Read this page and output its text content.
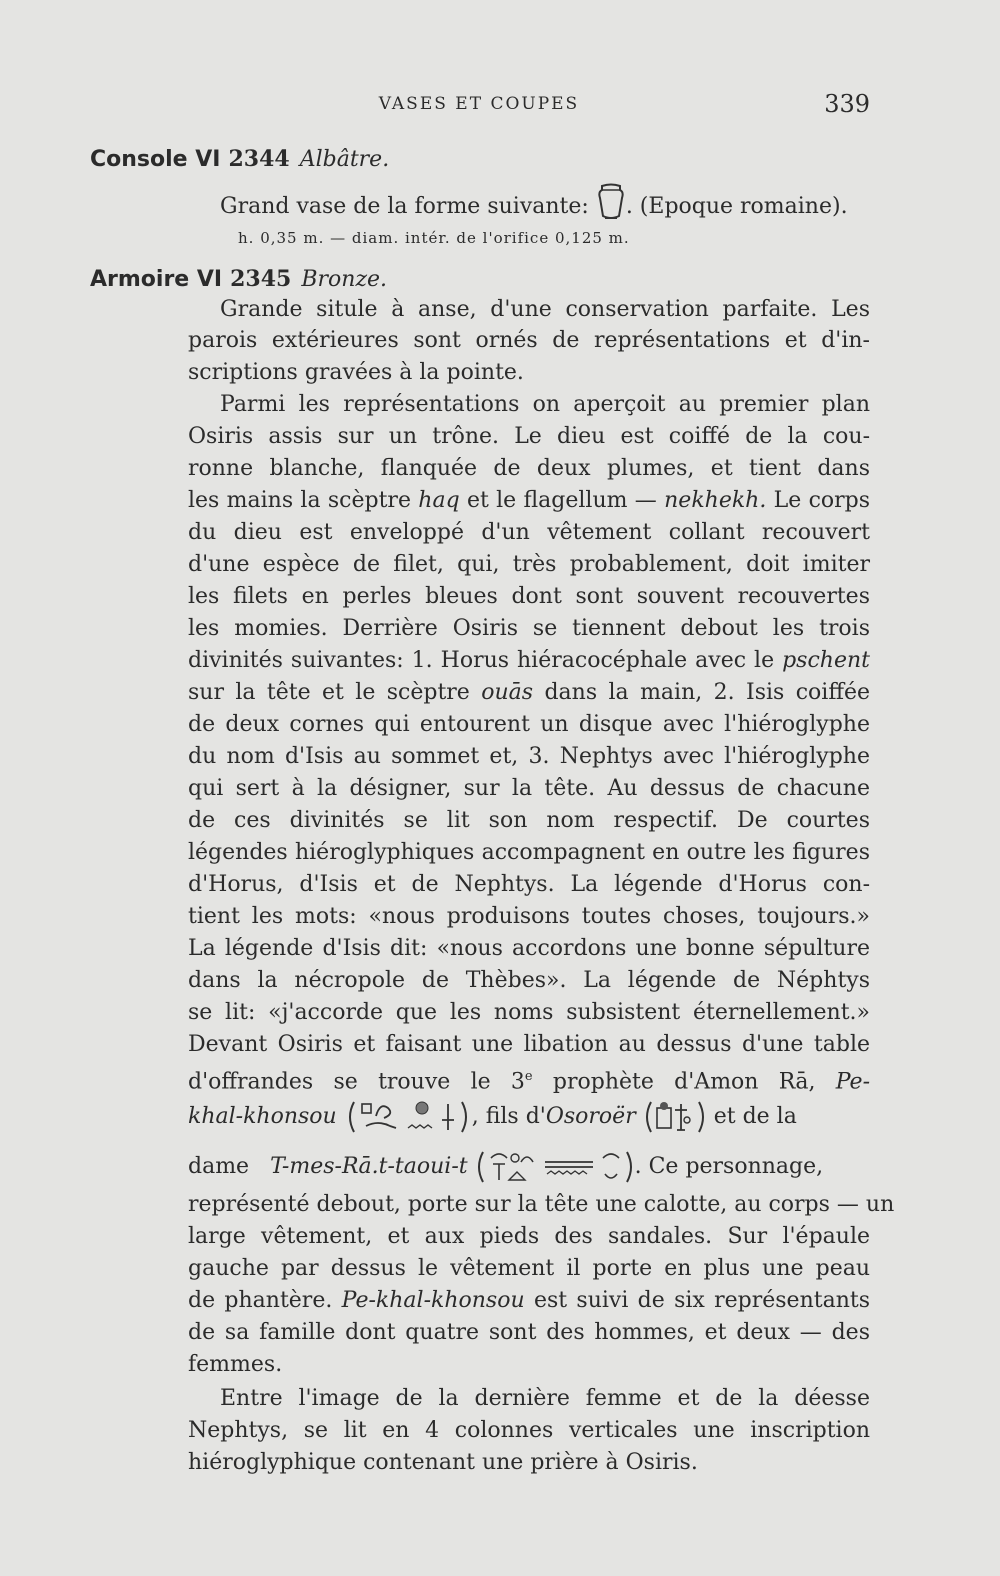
VASES ET COUPES	339
Console VI 2344 Albâtre.
Grand vase de la forme suivante: . (Epoque romaine).
h. 0,35 m. — diam. intér. de l'orifice 0,125 m.
Armoire VI 2345 Bronze.
Grande situle à anse, d'une conservation parfaite. Les
parois extérieures sont ornés de représentations et d'in-
scriptions gravées à la pointe.
Parmi les représentations on aperçoit au premier plan
Osiris assis sur un trône. Le dieu est coiffé de la cou-
ronne blanche, flanquée de deux plumes, et tient dans
les mains la scèptre haq et le flagellum — nekhekh. Le corps
du dieu est enveloppé d'un vêtement collant recouvert
d'une espèce de filet, qui, très probablement, doit imiter
les filets en perles bleues dont sont souvent recouvertes
les momies. Derrière Osiris se tiennent debout les trois
divinités suivantes: 1. Horus hiéracocéphale avec le pschent
sur la tête et le scèptre ouās dans la main, 2. Isis coiffée
de deux cornes qui entourent un disque avec l'hiéroglyphe
du nom d'Isis au sommet et, 3. Nephtys avec l'hiéroglyphe
qui sert à la désigner, sur la tête. Au dessus de chacune
de ces divinités se lit son nom respectif. De courtes
légendes hiéroglyphiques accompagnent en outre les figures
d'Horus, d'Isis et de Nephtys. La légende d'Horus con-
tient les mots: «nous produisons toutes choses, toujours.»
La légende d'Isis dit: «nous accordons une bonne sépulture
dans la nécropole de Thèbes». La légende de Néphtys
se lit: «j'accorde que les noms subsistent éternellement.»
Devant Osiris et faisant une libation au dessus d'une table
d'offrandes se trouve le 3e prophète d'Amon Rā, Pe-
khal-khonsou	, fils d'Osoroër	et de la
dame T-mes-Rā.t-taoui-t	. Ce personnage,
représenté debout, porte sur la tête une calotte, au corps — un
large vêtement, et aux pieds des sandales. Sur l'épaule
gauche par dessus le vêtement il porte en plus une peau
de phantère. Pe-khal-khonsou est suivi de six représentants
de sa famille dont quatre sont des hommes, et deux — des
femmes.
Entre l'image de la dernière femme et de la déesse
Nephtys, se lit en 4 colonnes verticales une inscription
hiéroglyphique contenant une prière à Osiris.
